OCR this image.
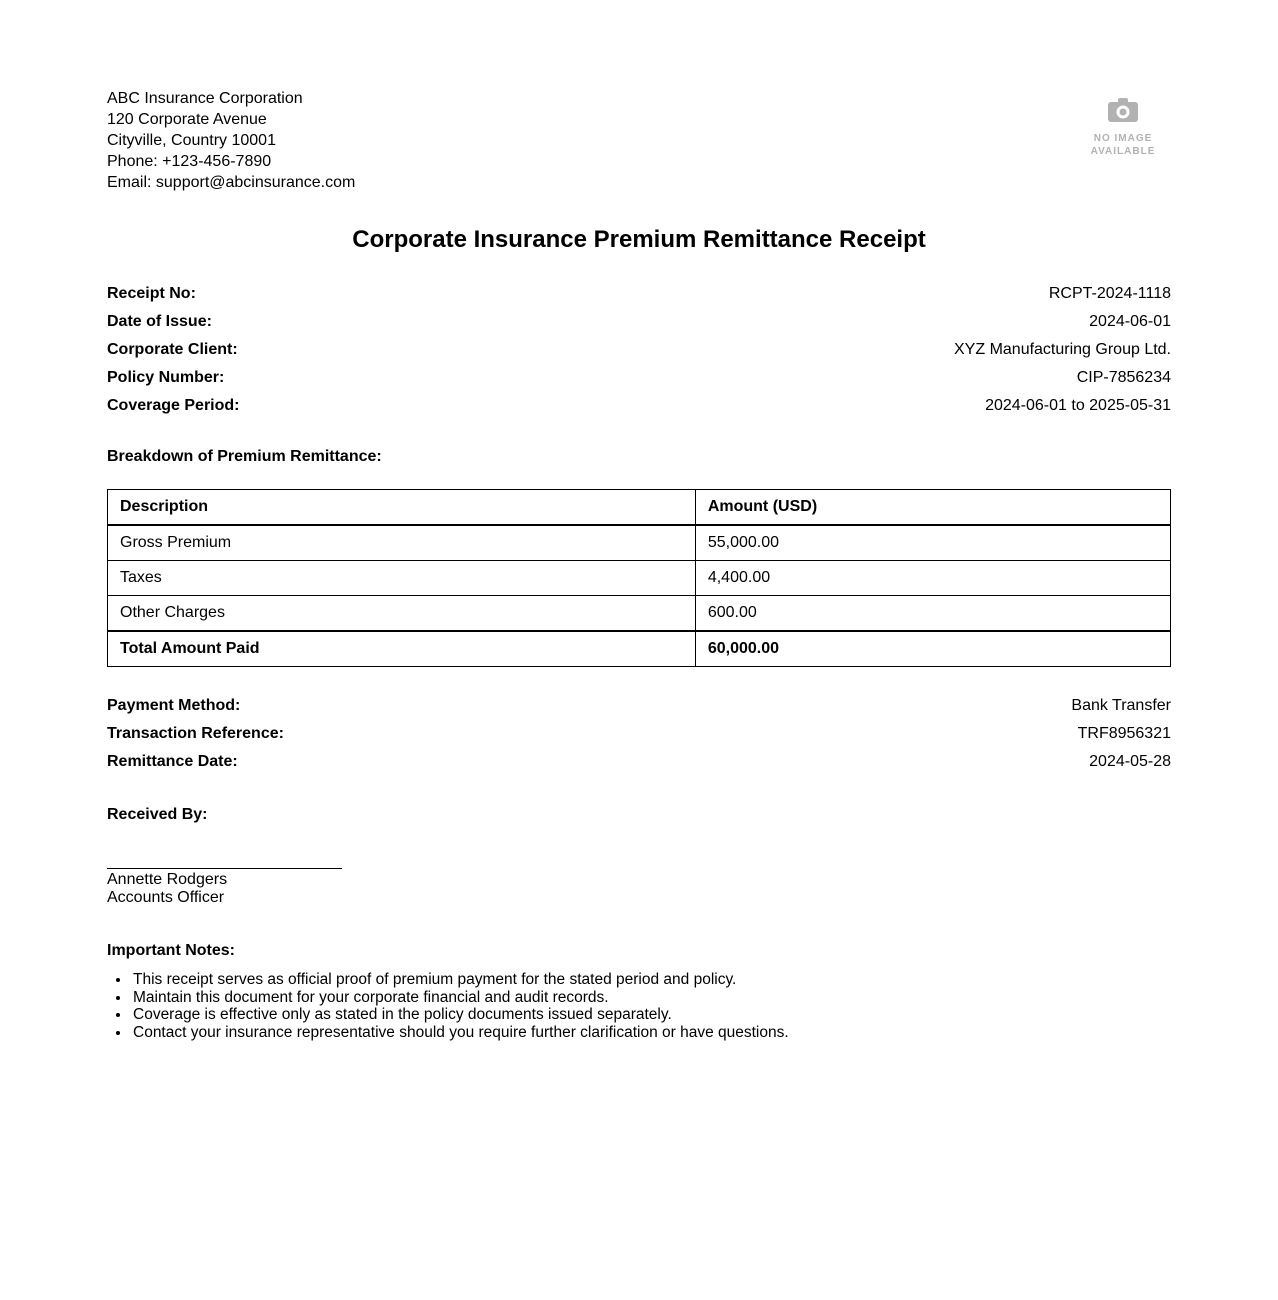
ABC Insurance Corporation
120 Corporate Avenue
Cityville, Country 10001
Phone: +123-456-7890
Email: support@abcinsurance.com
NO IMAGE
AVAILABLE
Corporate Insurance Premium Remittance Receipt
Receipt No:	RCPT-2024-1118
Date of Issue:	2024-06-01
Corporate Client:	XYZ Manufacturing Group Ltd.
Policy Number:	CIP-7856234
Coverage Period:	2024-06-01 to 2025-05-31
Breakdown of Premium Remittance:
Description	Amount (USD)
Gross Premium	55,000.00
Taxes	4,400.00
Other Charges	600.00
Total Amount Paid	60,000.00
Payment Method:	Bank Transfer
Transaction Reference:	TRF8956321
Remittance Date:	2024-05-28
Received By:
Annette Rodgers
Accounts Officer
Important Notes:
• This receipt serves as official proof of premium payment for the stated period and policy.
• Maintain this document for your corporate financial and audit records.
• Coverage is effective only as stated in the policy documents issued separately.
• Contact your insurance representative should you require further clarification or have questions.
